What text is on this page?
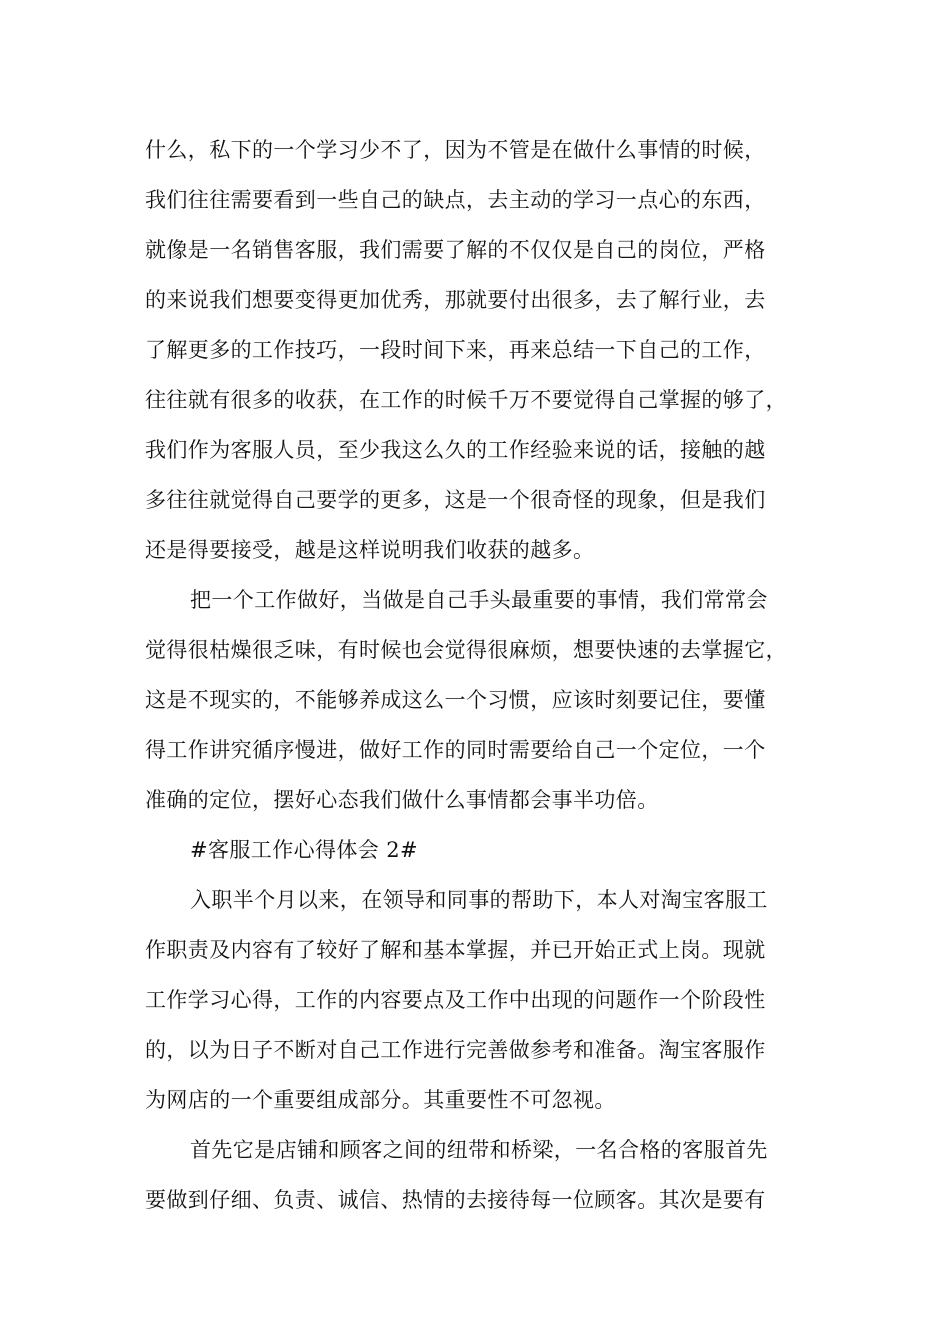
什么，私下的一个学习少不了，因为不管是在做什么事情的时候，
我们往往需要看到一些自己的缺点，去主动的学习一点心的东西，
就像是一名销售客服，我们需要了解的不仅仅是自己的岗位，严格
的来说我们想要变得更加优秀，那就要付出很多，去了解行业，去
了解更多的工作技巧，一段时间下来，再来总结一下自己的工作，
往往就有很多的收获，在工作的时候千万不要觉得自己掌握的够了，
我们作为客服人员，至少我这么久的工作经验来说的话，接触的越
多往往就觉得自己要学的更多，这是一个很奇怪的现象，但是我们
还是得要接受，越是这样说明我们收获的越多。
把一个工作做好，当做是自己手头最重要的事情，我们常常会
觉得很枯燥很乏味，有时候也会觉得很麻烦，想要快速的去掌握它，
这是不现实的，不能够养成这么一个习惯，应该时刻要记住，要懂
得工作讲究循序慢进，做好工作的同时需要给自己一个定位，一个
准确的定位，摆好心态我们做什么事情都会事半功倍。
#客服工作心得体会 2#
入职半个月以来，在领导和同事的帮助下，本人对淘宝客服工
作职责及内容有了较好了解和基本掌握，并已开始正式上岗。现就
工作学习心得，工作的内容要点及工作中出现的问题作一个阶段性
的，以为日子不断对自己工作进行完善做参考和准备。淘宝客服作
为网店的一个重要组成部分。其重要性不可忽视。
首先它是店铺和顾客之间的纽带和桥梁，一名合格的客服首先
要做到仔细、负责、诚信、热情的去接待每一位顾客。其次是要有
